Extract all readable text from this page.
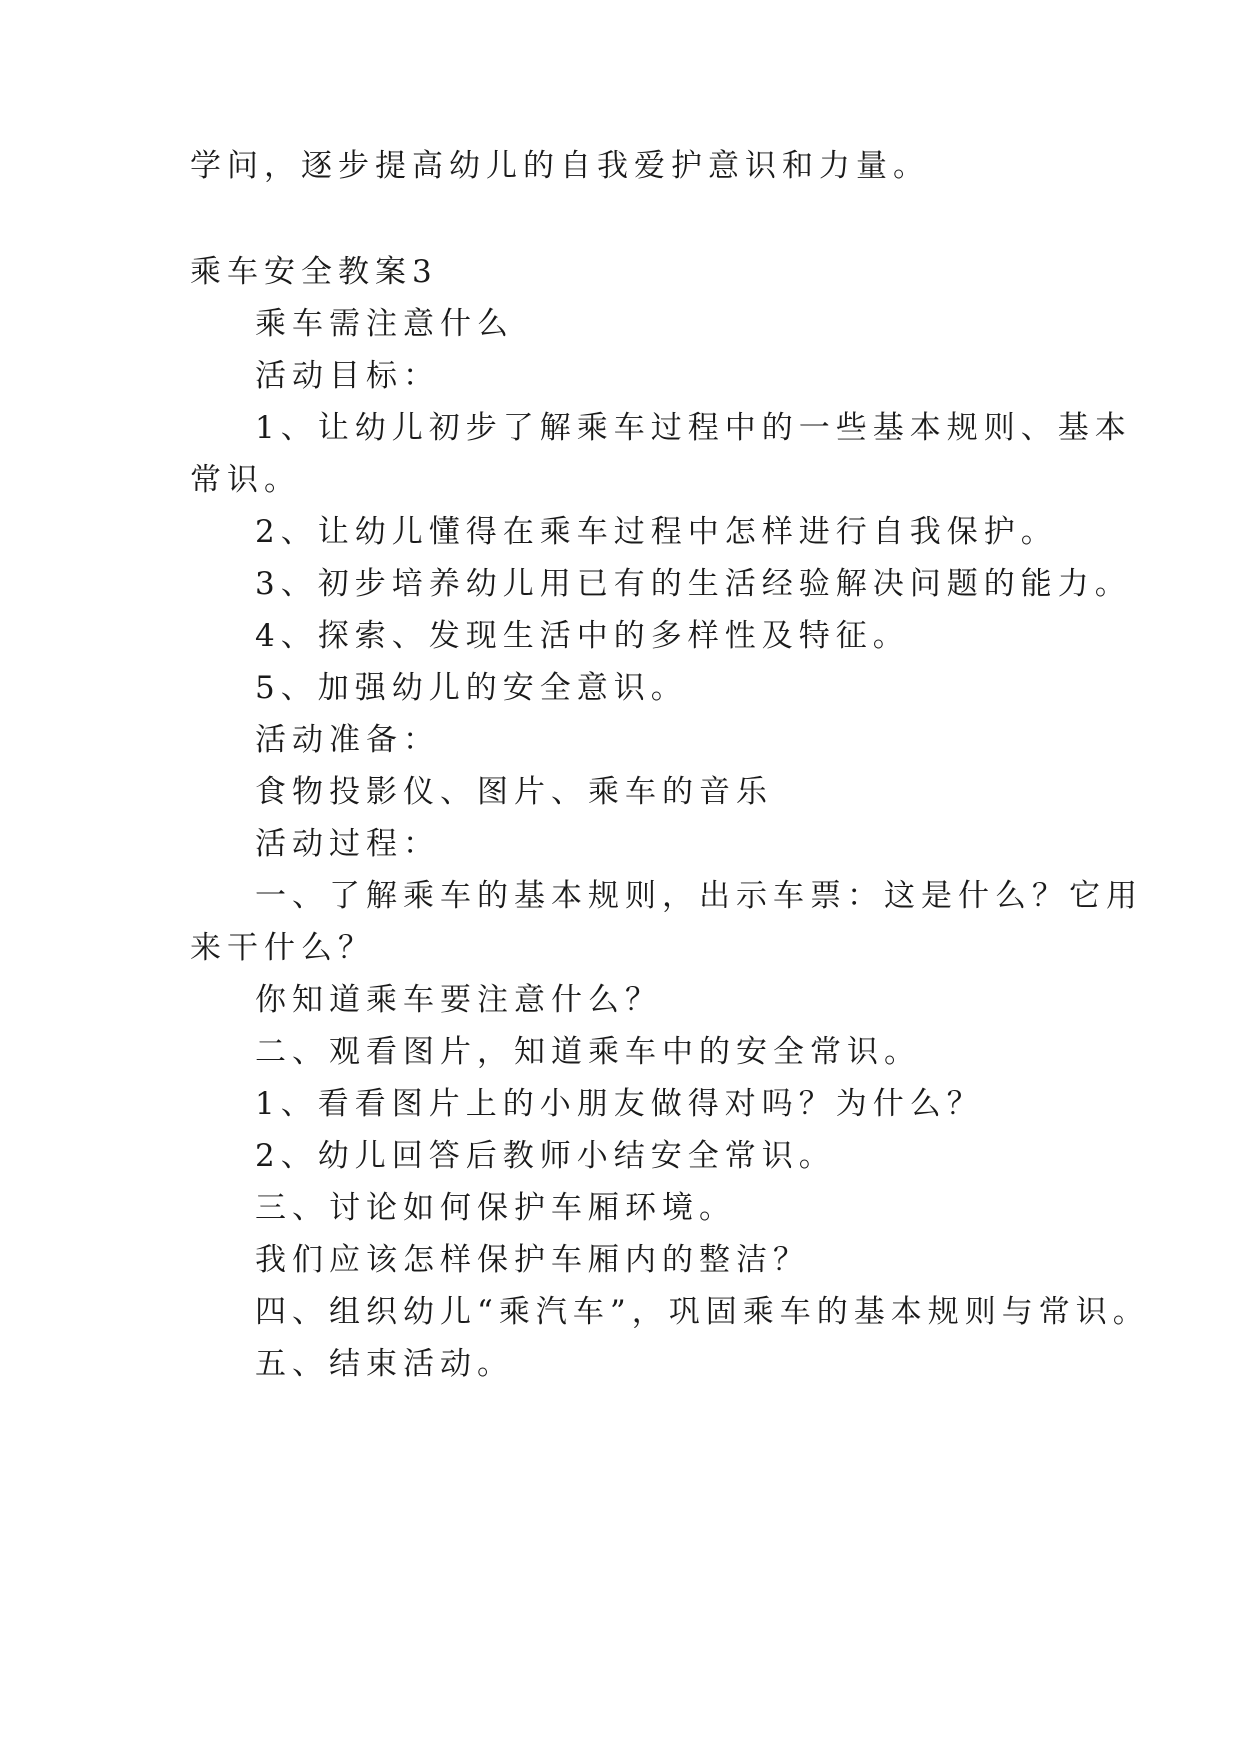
学问，逐步提高幼儿的自我爱护意识和力量。
乘车安全教案3
乘车需注意什么
活动目标：
1、让幼儿初步了解乘车过程中的一些基本规则、基本
常识。
2、让幼儿懂得在乘车过程中怎样进行自我保护。
3、初步培养幼儿用已有的生活经验解决问题的能力。
4、探索、发现生活中的多样性及特征。
5、加强幼儿的安全意识。
活动准备：
食物投影仪、图片、乘车的音乐
活动过程：
一、了解乘车的基本规则，出示车票：这是什么？它用
来干什么？
你知道乘车要注意什么？
二、观看图片，知道乘车中的安全常识。
1、看看图片上的小朋友做得对吗？为什么？
2、幼儿回答后教师小结安全常识。
三、讨论如何保护车厢环境。
我们应该怎样保护车厢内的整洁？
四、组织幼儿“乘汽车”，巩固乘车的基本规则与常识。
五、结束活动。
